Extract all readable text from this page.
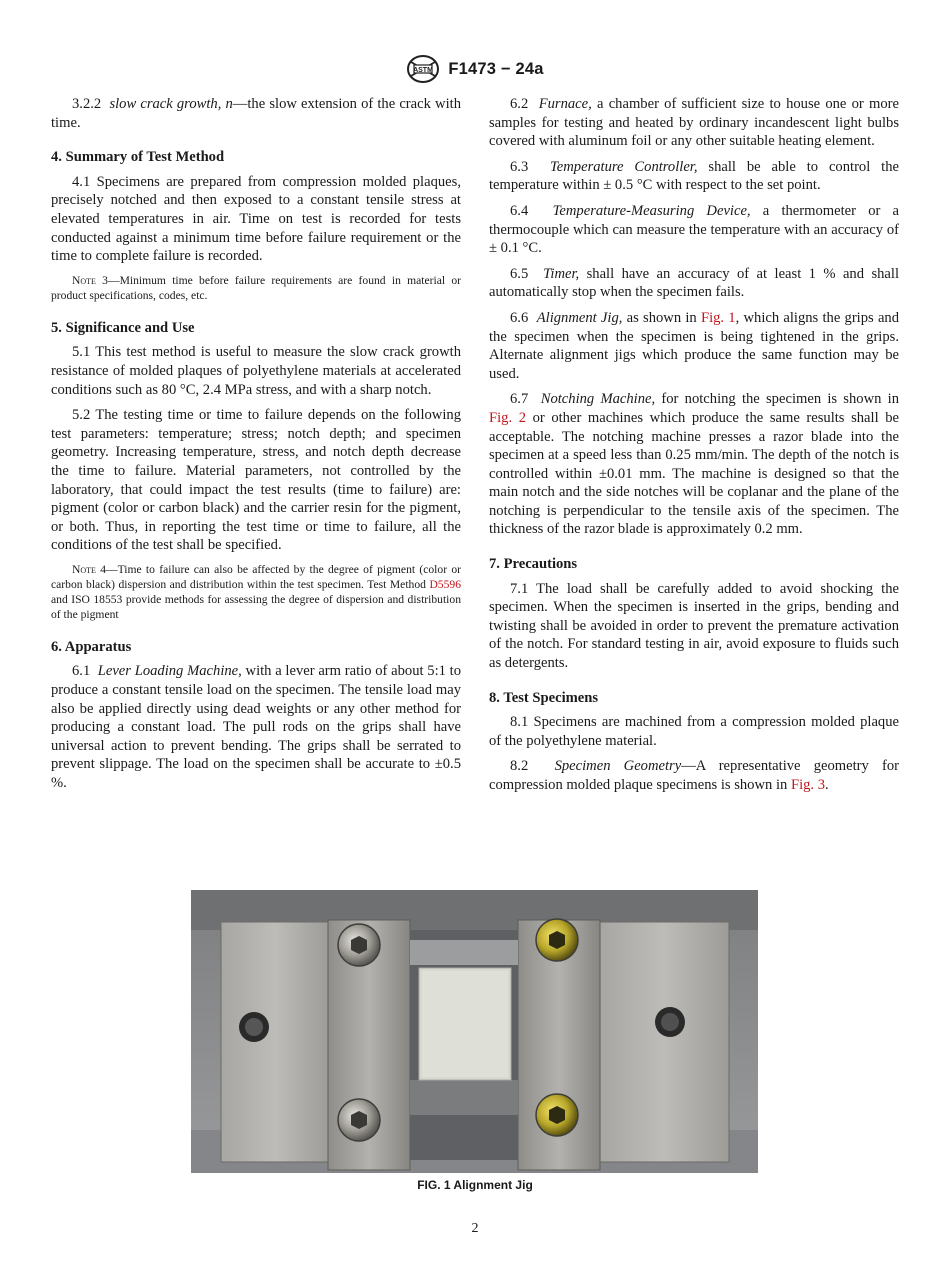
ASTM F1473 − 24a

3.2.2 slow crack growth, n—the slow extension of the crack with time.

4. Summary of Test Method

4.1 Specimens are prepared from compression molded plaques, precisely notched and then exposed to a constant tensile stress at elevated temperatures in air. Time on test is recorded for tests conducted against a minimum time before failure requirement or the time to complete failure is recorded.

Note 3—Minimum time before failure requirements are found in material or product specifications, codes, etc.

5. Significance and Use

5.1 This test method is useful to measure the slow crack growth resistance of molded plaques of polyethylene materials at accelerated conditions such as 80 °C, 2.4 MPa stress, and with a sharp notch.

5.2 The testing time or time to failure depends on the following test parameters: temperature; stress; notch depth; and specimen geometry. Increasing temperature, stress, and notch depth decrease the time to failure. Material parameters, not controlled by the laboratory, that could impact the test results (time to failure) are: pigment (color or carbon black) and the carrier resin for the pigment, or both. Thus, in reporting the test time or time to failure, all the conditions of the test shall be specified.

Note 4—Time to failure can also be affected by the degree of pigment (color or carbon black) dispersion and distribution within the test specimen. Test Method D5596 and ISO 18553 provide methods for assessing the degree of dispersion and distribution of the pigment

6. Apparatus

6.1 Lever Loading Machine, with a lever arm ratio of about 5:1 to produce a constant tensile load on the specimen. The tensile load may also be applied directly using dead weights or any other method for producing a constant load. The pull rods on the grips shall have universal action to prevent bending. The grips shall be serrated to prevent slippage. The load on the specimen shall be accurate to ±0.5 %.

6.2 Furnace, a chamber of sufficient size to house one or more samples for testing and heated by ordinary incandescent light bulbs covered with aluminum foil or any other suitable heating element.

6.3 Temperature Controller, shall be able to control the temperature within ± 0.5 °C with respect to the set point.

6.4 Temperature-Measuring Device, a thermometer or a thermocouple which can measure the temperature with an accuracy of ± 0.1 °C.

6.5 Timer, shall have an accuracy of at least 1 % and shall automatically stop when the specimen fails.

6.6 Alignment Jig, as shown in Fig. 1, which aligns the grips and the specimen when the specimen is being tightened in the grips. Alternate alignment jigs which produce the same function may be used.

6.7 Notching Machine, for notching the specimen is shown in Fig. 2 or other machines which produce the same results shall be acceptable. The notching machine presses a razor blade into the specimen at a speed less than 0.25 mm/min. The depth of the notch is controlled within ±0.01 mm. The machine is designed so that the main notch and the side notches will be coplanar and the plane of the notching is perpendicular to the tensile axis of the specimen. The thickness of the razor blade is approximately 0.2 mm.

7. Precautions

7.1 The load shall be carefully added to avoid shocking the specimen. When the specimen is inserted in the grips, bending and twisting shall be avoided in order to prevent the premature activation of the notch. For standard testing in air, avoid exposure to fluids such as detergents.

8. Test Specimens

8.1 Specimens are machined from a compression molded plaque of the polyethylene material.

8.2 Specimen Geometry—A representative geometry for compression molded plaque specimens is shown in Fig. 3.

FIG. 1 Alignment Jig
2
